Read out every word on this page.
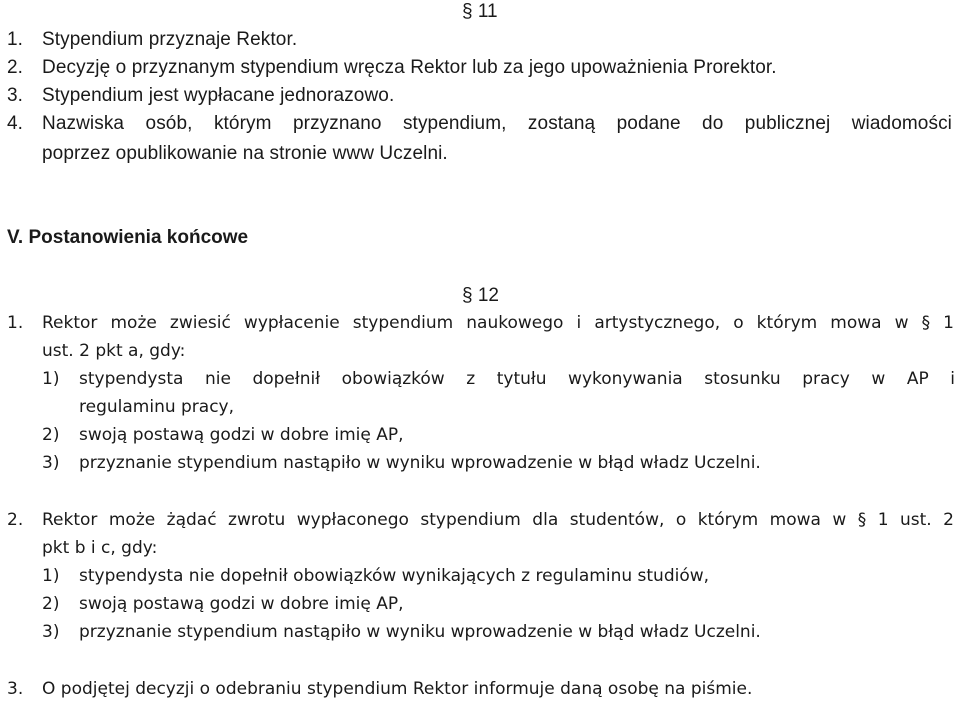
§ 11
1. Stypendium przyznaje Rektor.
2. Decyzję o przyznanym stypendium wręcza Rektor lub za jego upoważnienia Prorektor.
3. Stypendium jest wypłacane jednorazowo.
4. Nazwiska osób, którym przyznano stypendium, zostaną podane do publicznej wiadomości
poprzez opublikowanie na stronie www Uczelni.
V. Postanowienia końcowe
§ 12
1. Rektor może zwiesić wypłacenie stypendium naukowego i artystycznego, o którym mowa w § 1
ust. 2 pkt a, gdy:
1) stypendysta nie dopełnił obowiązków z tytułu wykonywania stosunku pracy w AP i
regulaminu pracy,
2) swoją postawą godzi w dobre imię AP,
3) przyznanie stypendium nastąpiło w wyniku wprowadzenie w błąd władz Uczelni.
2. Rektor może żądać zwrotu wypłaconego stypendium dla studentów, o którym mowa w § 1 ust. 2
pkt b i c, gdy:
1) stypendysta nie dopełnił obowiązków wynikających z regulaminu studiów,
2) swoją postawą godzi w dobre imię AP,
3) przyznanie stypendium nastąpiło w wyniku wprowadzenie w błąd władz Uczelni.
3. O podjętej decyzji o odebraniu stypendium Rektor informuje daną osobę na piśmie.
